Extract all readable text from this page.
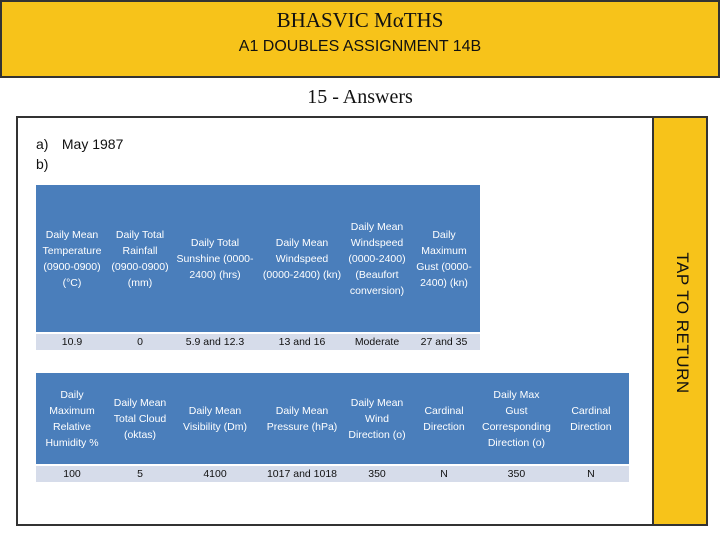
BHASVIC MαTHS
A1 DOUBLES ASSIGNMENT 14B
15 - Answers
TAP TO RETURN
a) May 1987
b)
Daily Mean Temperature (0900-0900) (°C)	Daily Total Rainfall (0900-0900) (mm)	Daily Total Sunshine (0000-2400) (hrs)	Daily Mean Windspeed (0000-2400) (kn)	Daily Mean Windspeed (0000-2400) (Beaufort conversion)	Daily Maximum Gust (0000-2400) (kn)		
10.9	0	5.9 and 12.3	13 and 16	Moderate	27 and 35		
Daily Maximum Relative Humidity %	Daily Mean Total Cloud (oktas)	Daily Mean Visibility (Dm)	Daily Mean Pressure (hPa)	Daily Mean Wind Direction (o)	Cardinal Direction	Daily Max Gust Corresponding Direction (o)	Cardinal Direction
100	5	4100	1017 and 1018	350	N	350	N
